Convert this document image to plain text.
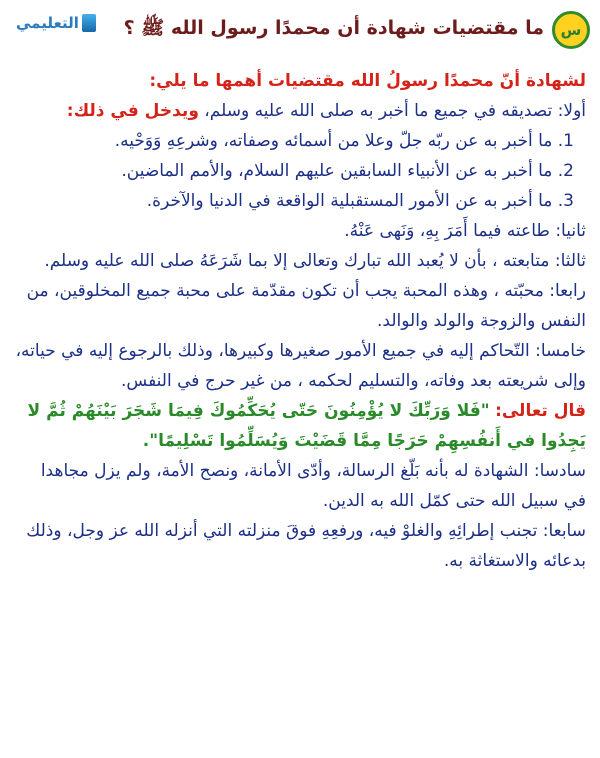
س
ما مقتضيات شهادة أن محمدًا رسول الله ﷺ ؟
التعليمي

لشهادة أنّ محمدًا رسولُ الله مقتضيات أهمها ما يلي:

أولا: تصديقه في جميع ما أخبر به صلى الله عليه وسلم، ويدخل في ذلك:

1. ما أخبر به عن ربّه جلّ وعلا من أسمائه وصفاته، وشرعِهِ وَوَحْيه.

2. ما أخبر به عن الأنبياء السابقين عليهم السلام، والأمم الماضين.

3. ما أخبر به عن الأمور المستقبلية الواقعة في الدنيا والآخرة.

ثانيا: طاعته فيما أَمَرَ بِهِ، وَنَهى عَنْهُ.

ثالثا: متابعته ، بأن لا يُعبد الله تبارك وتعالى إلا بما شَرَعَهُ صلى الله عليه وسلم.

رابعا: محبّته ، وهذه المحبة يجب أن تكون مقدّمة على محبة جميع المخلوقين، من النفس والزوجة والولد والوالد.

خامسا: التّحاكم إليه في جميع الأمور صغيرها وكبيرها، وذلك بالرجوع إليه في حياته، وإلى شريعته بعد وفاته، والتسليم لحكمه ، من غير حرج في النفس.

قال تعالى: "فَلا وَرَبِّكَ لا يُؤْمِنُونَ حَتّى يُحَكِّمُوكَ فِيمَا شَجَرَ بَيْنَهُمْ ثُمَّ لا يَجِدُوا في أَنفُسِهِمْ حَرَجًا مِمَّا قَضَيْتَ وَيُسَلِّمُوا تَسْلِيمًا".

سادسا: الشهادة له بأنه بَلّغ الرسالة، وأدّى الأمانة، ونصح الأمة، ولم يزل مجاهدا في سبيل الله حتى كمّل الله به الدين.

سابعا: تجنب إطرائِهِ والغلوْ فيه، ورفعِهِ فوقَ منزلته التي أنزله الله عز وجل، وذلك بدعائه والاستغاثة به.
